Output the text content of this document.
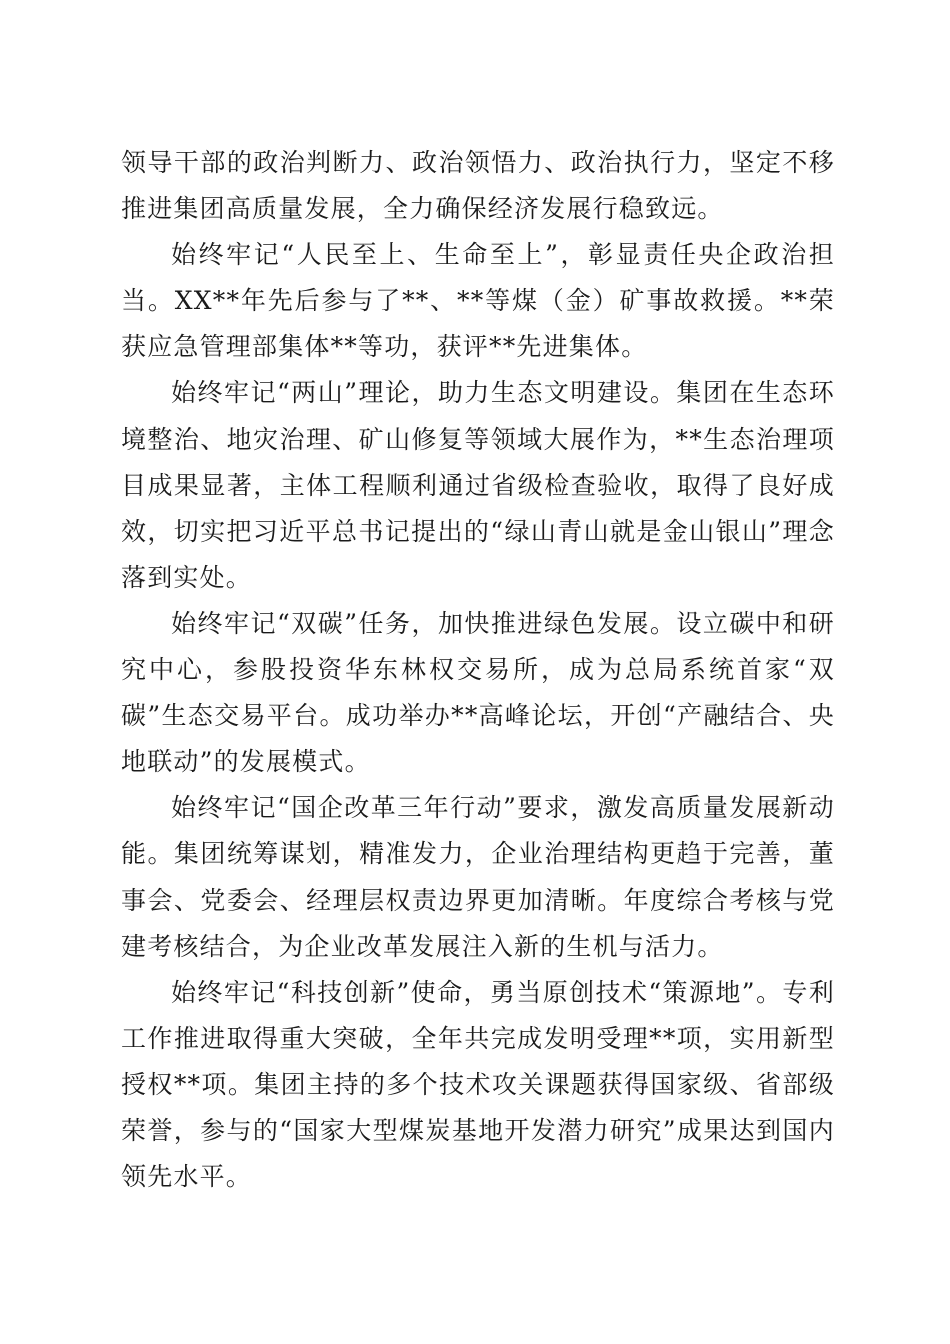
领导干部的政治判断力、政治领悟力、政治执行力，坚定不移推进集团高质量发展，全力确保经济发展行稳致远。

始终牢记“人民至上、生命至上”，彰显责任央企政治担当。XX**年先后参与了**、**等煤（金）矿事故救援。**荣获应急管理部集体**等功，获评**先进集体。

始终牢记“两山”理论，助力生态文明建设。集团在生态环境整治、地灾治理、矿山修复等领域大展作为，**生态治理项目成果显著，主体工程顺利通过省级检查验收，取得了良好成效，切实把习近平总书记提出的“绿山青山就是金山银山”理念落到实处。

始终牢记“双碳”任务，加快推进绿色发展。设立碳中和研究中心，参股投资华东林权交易所，成为总局系统首家“双碳”生态交易平台。成功举办**高峰论坛，开创“产融结合、央地联动”的发展模式。

始终牢记“国企改革三年行动”要求，激发高质量发展新动能。集团统筹谋划，精准发力，企业治理结构更趋于完善，董事会、党委会、经理层权责边界更加清晰。年度综合考核与党建考核结合，为企业改革发展注入新的生机与活力。

始终牢记“科技创新”使命，勇当原创技术“策源地”。专利工作推进取得重大突破，全年共完成发明受理**项，实用新型授权**项。集团主持的多个技术攻关课题获得国家级、省部级荣誉，参与的“国家大型煤炭基地开发潜力研究”成果达到国内领先水平。
